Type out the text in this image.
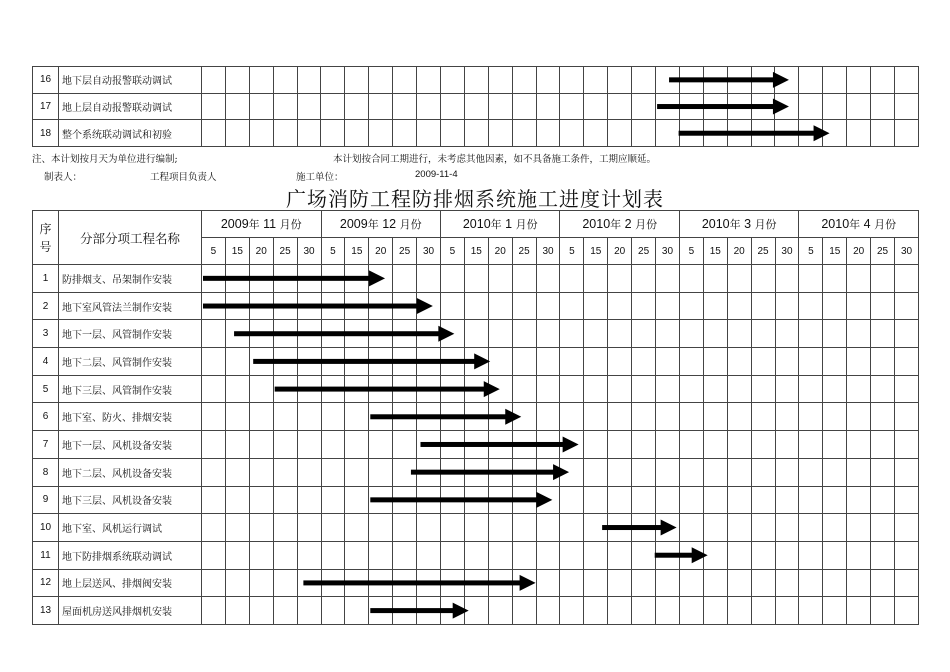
16	地下层自动报警联动调试																														
17	地上层自动报警联动调试																														
18	整个系统联动调试和初验																														
注、本计划按月天为单位进行编制;	本计划按合同工期进行，未考虑其他因素，如不具备施工条件，工期应顺延。
制表人：	工程项目负责人	施工单位：	2009-11-4
广场消防工程防排烟系统施工进度计划表
序号	分部分项工程名称	2009年 11 月份					2009年 12 月份					2010年 1 月份					2010年 2 月份					2010年 3 月份					2010年 4 月份				
		5	15	20	25	30	5	15	20	25	30	5	15	20	25	30	5	15	20	25	30	5	15	20	25	30	5	15	20	25	30
1	防排烟支、吊架制作安装																														
2	地下室风管法兰制作安装																														
3	地下一层、风管制作安装																														
4	地下二层、风管制作安装																														
5	地下三层、风管制作安装																														
6	地下室、防火、排烟安装																														
7	地下一层、风机设备安装																														
8	地下二层、风机设备安装																														
9	地下三层、风机设备安装																														
10	地下室、风机运行调试																														
11	地下防排烟系统联动调试																														
12	地上层送风、排烟阀安装																														
13	屋面机房送风排烟机安装																														
